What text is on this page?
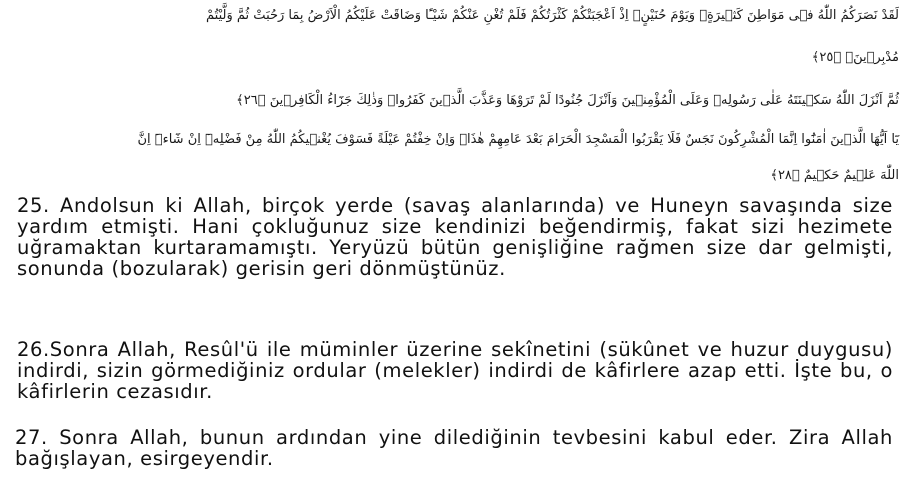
لَقَدْ نَصَرَكُمُ اللّٰهُ فٖى مَوَاطِنَ كَثٖيرَةٍۙ وَيَوْمَ حُنَيْنٍۙ اِذْ اَعْجَبَتْكُمْ كَثْرَتُكُمْ فَلَمْ تُغْنِ عَنْكُمْ شَيْـًٔا وَضَاقَتْ عَلَيْكُمُ الْاَرْضُ بِمَا رَحُبَتْ ثُمَّ وَلَّيْتُمْ
مُدْبِرٖينَۚ ﴿٢٥﴾
ثُمَّ اَنْزَلَ اللّٰهُ سَكٖينَتَهُ عَلٰى رَسُولِهٖ وَعَلَى الْمُؤْمِنٖينَ وَاَنْزَلَ جُنُودًا لَمْ تَرَوْهَا وَعَذَّبَ الَّذٖينَ كَفَرُواۜ وَذٰلِكَ جَزَٓاءُ الْكَافِرٖينَ ﴿٢٦﴾
يَٓا اَيُّهَا الَّذٖينَ اٰمَنُٓوا اِنَّمَا الْمُشْرِكُونَ نَجَسٌ فَلَا يَقْرَبُوا الْمَسْجِدَ الْحَرَامَ بَعْدَ عَامِهِمْ هٰذَاۚ وَاِنْ خِفْتُمْ عَيْلَةً فَسَوْفَ يُغْنٖيكُمُ اللّٰهُ مِنْ فَضْلِهٖٓ اِنْ شَٓاءَۜ اِنَّ
اللّٰهَ عَلٖيمٌ حَكٖيمٌ ﴿٢٨﴾
25. Andolsun ki Allah, birçok yerde (savaş alanlarında) ve Huneyn savaşında size yardım etmişti. Hani çokluğunuz size kendinizi beğendirmiş, fakat sizi hezimete uğramaktan kurtaramamıştı. Yeryüzü bütün genişliğine rağmen size dar gelmişti, sonunda (bozularak) gerisin geri dönmüştünüz.
26.Sonra Allah, Resûl'ü ile müminler üzerine sekînetini (sükûnet ve huzur duygusu) indirdi, sizin görmediğiniz ordular (melekler) indirdi de kâfirlere azap etti. İşte bu, o kâfirlerin cezasıdır.
27. Sonra Allah, bunun ardından yine dilediğinin tevbesini kabul eder. Zira Allah bağışlayan, esirgeyendir.
